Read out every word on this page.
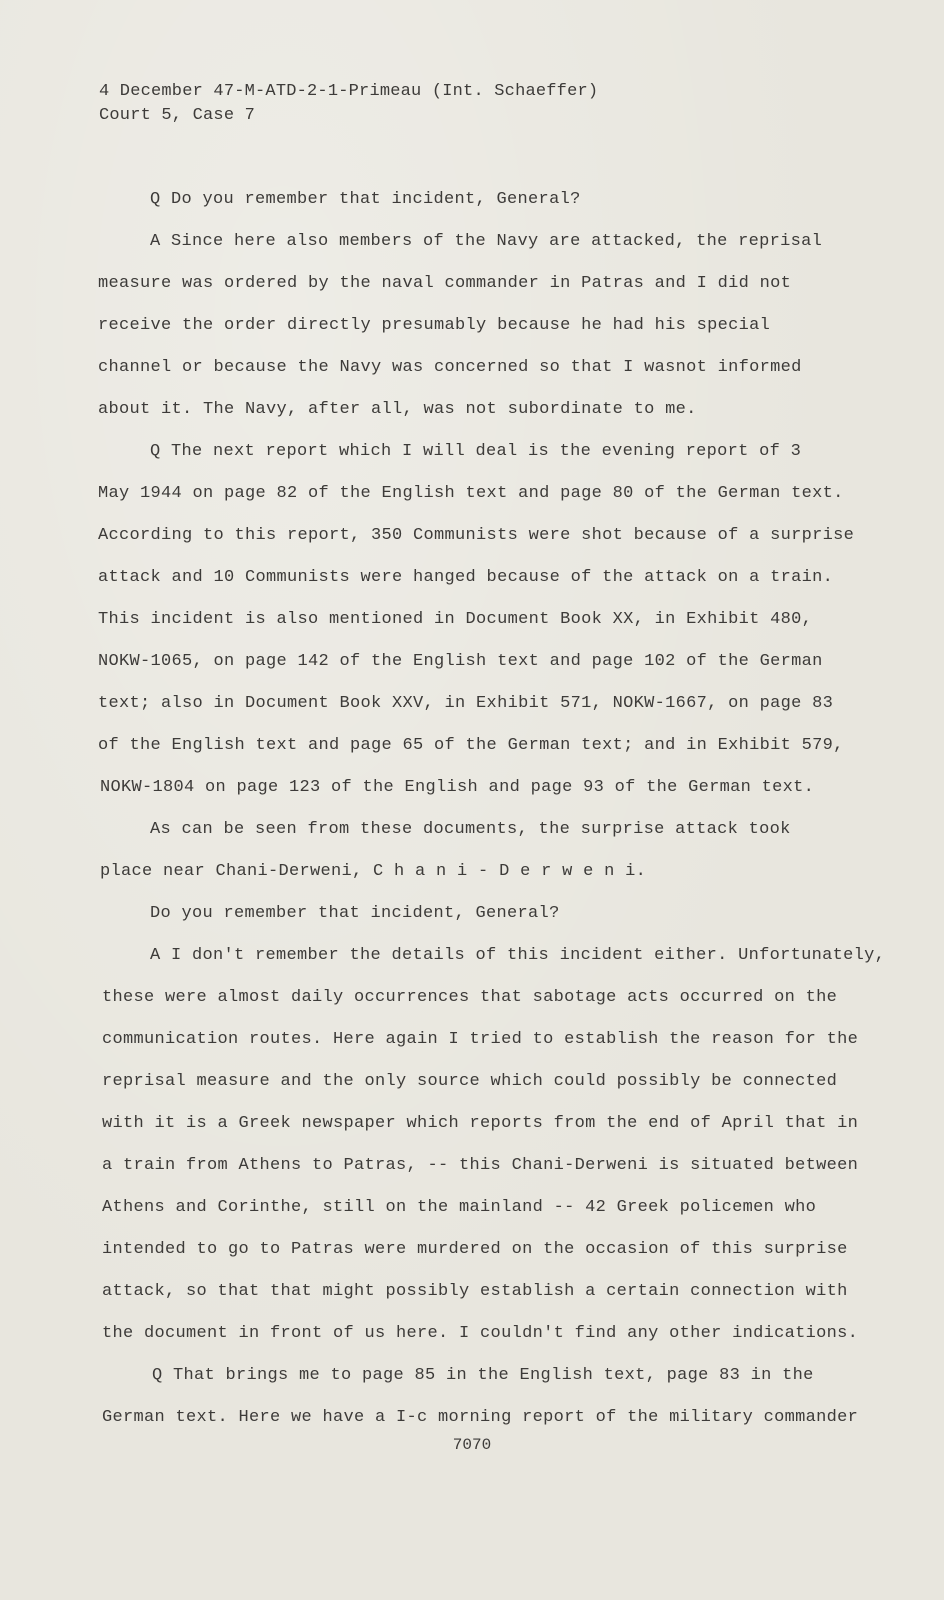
4 December 47-M-ATD-2-1-Primeau (Int. Schaeffer)
Court 5, Case 7
Q Do you remember that incident, General?
A Since here also members of the Navy are attacked, the reprisal
measure was ordered by the naval commander in Patras and I did not
receive the order directly presumably because he had his special
channel or because the Navy was concerned so that I wasnot informed
about it. The Navy, after all, was not subordinate to me.
Q The next report which I will deal is the evening report of 3
May 1944 on page 82 of the English text and page 80 of the German text.
According to this report, 350 Communists were shot because of a surprise
attack and 10 Communists were hanged because of the attack on a train.
This incident is also mentioned in Document Book XX, in Exhibit 480,
NOKW-1065, on page 142 of the English text and page 102 of the German
text; also in Document Book XXV, in Exhibit 571, NOKW-1667, on page 83
of the English text and page 65 of the German text; and in Exhibit 579,
NOKW-1804 on page 123 of the English and page 93 of the German text.
As can be seen from these documents, the surprise attack took
place near Chani-Derweni, C h a n i - D e r w e n i.
Do you remember that incident, General?
A I don't remember the details of this incident either. Unfortunately,
these were almost daily occurrences that sabotage acts occurred on the
communication routes. Here again I tried to establish the reason for the
reprisal measure and the only source which could possibly be connected
with it is a Greek newspaper which reports from the end of April that in
a train from Athens to Patras, -- this Chani-Derweni is situated between
Athens and Corinthe, still on the mainland -- 42 Greek policemen who
intended to go to Patras were murdered on the occasion of this surprise
attack, so that that might possibly establish a certain connection with
the document in front of us here. I couldn't find any other indications.
Q That brings me to page 85 in the English text, page 83 in the
German text. Here we have a I-c morning report of the military commander
7070
